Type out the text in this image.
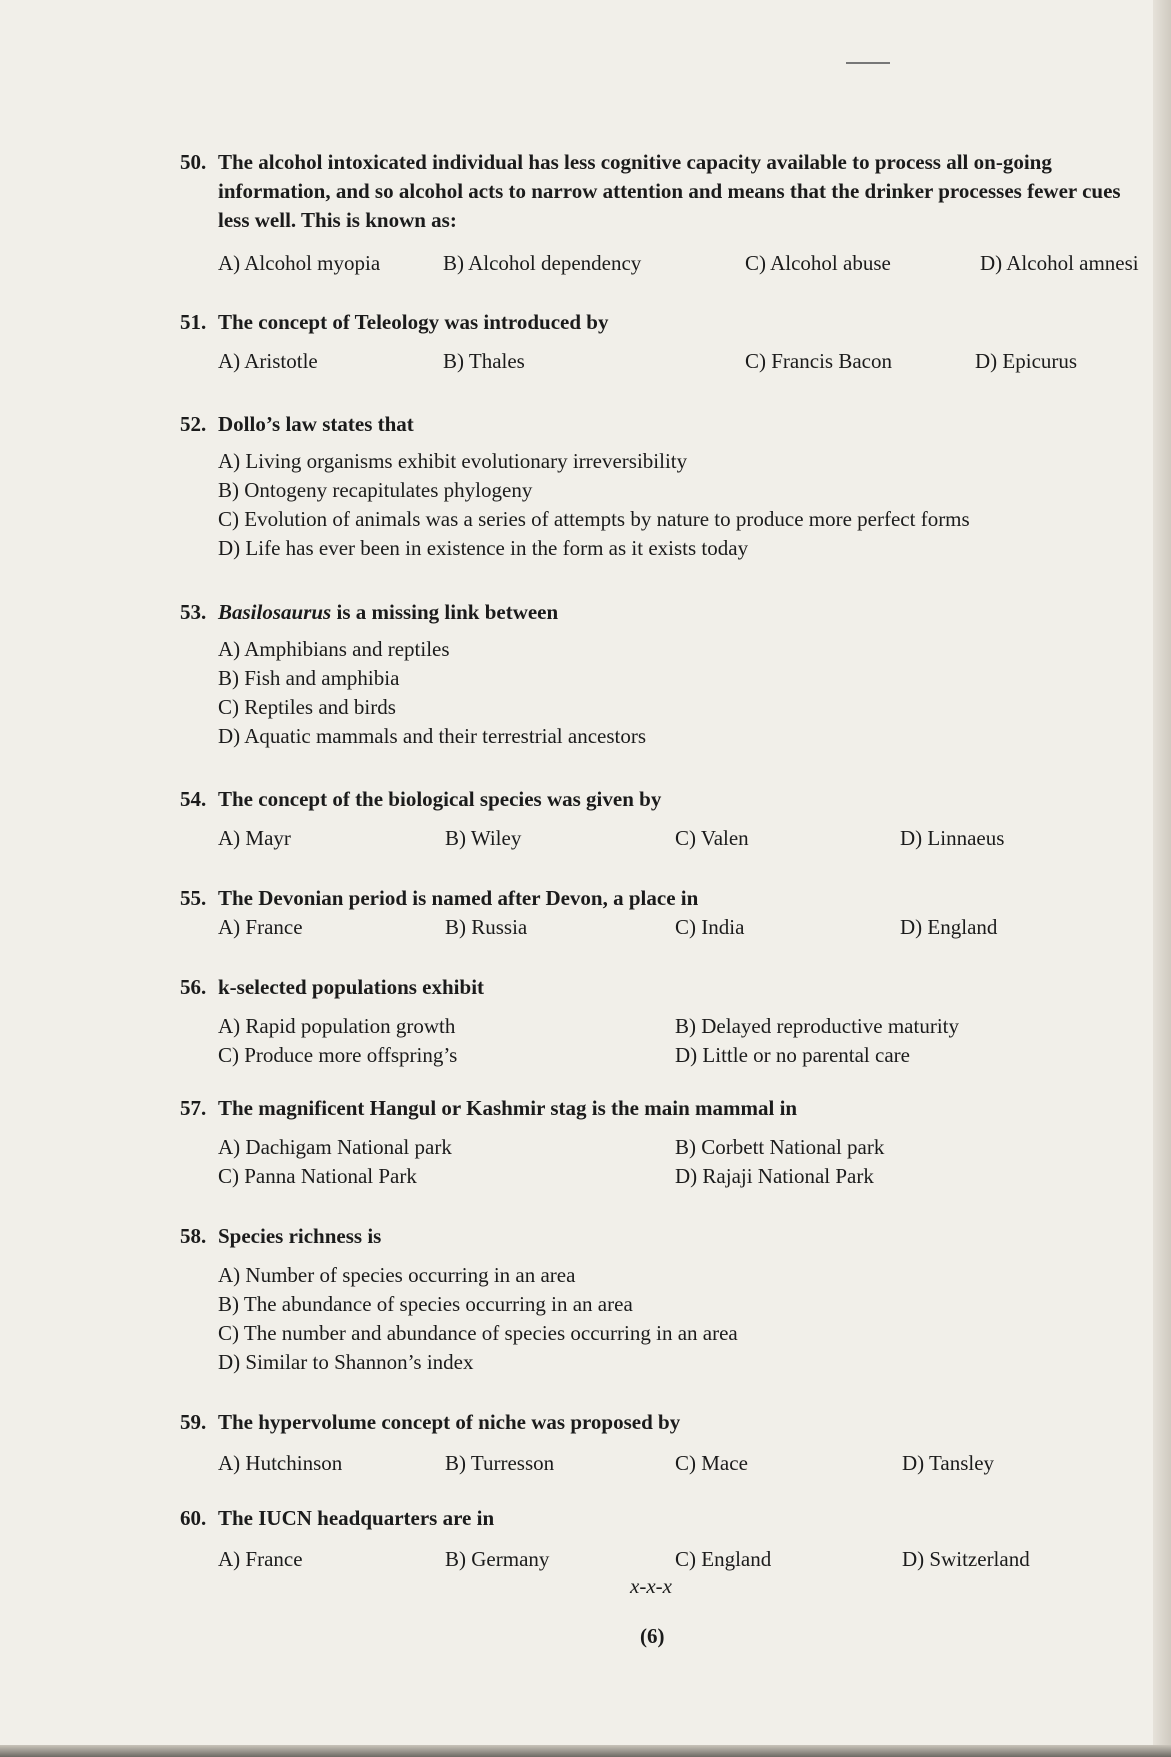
50. The alcohol intoxicated individual has less cognitive capacity available to process all on-going information, and so alcohol acts to narrow attention and means that the drinker processes fewer cues less well. This is known as:
A) Alcohol myopia	B) Alcohol dependency	C) Alcohol abuse	D) Alcohol amnesi
51. The concept of Teleology was introduced by
A) Aristotle	B) Thales	C) Francis Bacon	D) Epicurus
52. Dollo’s law states that
A) Living organisms exhibit evolutionary irreversibility
B) Ontogeny recapitulates phylogeny
C) Evolution of animals was a series of attempts by nature to produce more perfect forms
D) Life has ever been in existence in the form as it exists today
53. Basilosaurus is a missing link between
A) Amphibians and reptiles
B) Fish and amphibia
C) Reptiles and birds
D) Aquatic mammals and their terrestrial ancestors
54. The concept of the biological species was given by
A) Mayr	B) Wiley	C) Valen	D) Linnaeus
55. The Devonian period is named after Devon, a place in
A) France	B) Russia	C) India	D) England
56. k-selected populations exhibit
A) Rapid population growth	B) Delayed reproductive maturity
C) Produce more offspring’s	D) Little or no parental care
57. The magnificent Hangul or Kashmir stag is the main mammal in
A) Dachigam National park	B) Corbett National park
C) Panna National Park	D) Rajaji National Park
58. Species richness is
A) Number of species occurring in an area
B) The abundance of species occurring in an area
C) The number and abundance of species occurring in an area
D) Similar to Shannon’s index
59. The hypervolume concept of niche was proposed by
A) Hutchinson	B) Turresson	C) Mace	D) Tansley
60. The IUCN headquarters are in
A) France	B) Germany	C) England	D) Switzerland
x-x-x
(6)
